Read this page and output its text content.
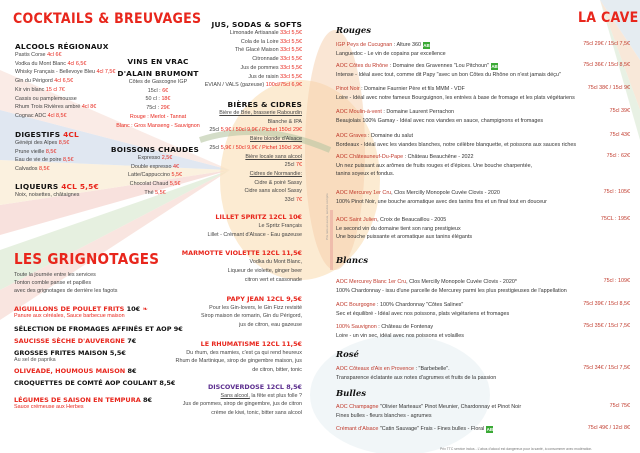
COCKTAILS & BREUVAGES
ALCOOLS RÉGIONAUX
Pastis Corse 4cl 6€
Vodka du Mont Blanc 4cl 6,5€
Whisky Français - Bellevoye Bleu 4cl 7,5€
Gin du Périgord 4cl 6,5€
Kir vin blanc 15 cl 7€
Cassis ou pamplemousse
Rhum Trois Rivières ambré 4cl 8€
Cognac ADC 4cl 8,5€
DIGESTIFS 4CL
Génépi des Alpes 8,5€
Prune vieille 8,5€
Eau de vie de poire 8,5€
Calvados 8,5€
LIQUEURS 4CL 5,5€
Noix, noisettes, châtaignes
VINS EN VRAC
D'ALAIN BRUMONT
Côtes de Gascogne IGP
15cl : 6€
50 cl : 18€
75cl : 29€
Rouge : Merlot - Tannat
Blanc : Gros Manseng - Sauvignon
BOISSONS CHAUDES
Expresso 2,5€
Double expresso 4€
Latte/Cappuccino 5,5€
Chocolat Chaud 5,5€
Thé 5,5€
JUS, SODAS & SOFTS
Limonade Artisanale 33cl 5,5€
Cola de la Loire 33cl 5,5€
Thé Glacé Maison 33cl 5,5€
Citronnade 33cl 5,5€
Jus de pommes 33cl 5,5€
Jus de raisin 33cl 5,5€
EVIAN / VALS (gazeuse) 100cl/75cl 6,9€
BIÈRES & CIDRES
Bière de Brie, brasserie Rabourdin
Blanche & IPA
25cl 5,9€ / 50cl 9,9€ / Pichet 150cl 29€
Bière blonde d'Alsace
25cl 5,9€ / 50cl 9,9€ / Pichet 150cl 29€
Bière locale sans alcool
25cl 7€
Cidres de Normandie:
Cidre & poiré Sassy
Cidre sans alcool Sassy
33cl 7€
LILLET SPRITZ 12CL 10€
Le Spritz Français
Lillet - Crémant d'Alsace - Eau gazeuse
MARMOTTE VIOLETTE 12CL 11,5€
Vodka du Mont Blanc,
Liqueur de violette, ginger beer
citron vert et cassonade
PAPY JEAN 12CL 9,5€
Pour les Gin-lovers, le Gin Fizz revisité
Sirop maison de romarin, Gin du Périgord,
jus de citron, eau gazeuse
LE RHUMATISME 12CL 11,5€
Du rhum, des mamies, c'est ça qui rend heureux
Rhum de Martinique, sirop de gingembre maison, jus
de citron, bitter, tonic
DISCOVERDOSE 12CL 8,5€
Sans alcool, la fête est plus folle ?
Jus de pommes, sirop de gingembre, jus de citron
crème de kiwi, tonic, bitter sans alcool
Prix nets en euros, service compris
LES GRIGNOTAGES
Toute la journée entre les services
Tonton comble panse et papilles
avec des grignotages de derrière les fagots
AIGUILLONS DE POULET FRITS 10€ ❧
Panure aux céréales, Sauce barbecue maison
SÉLECTION DE FROMAGES AFFINÉS ET AOP 9€
SAUCISSE SÈCHE D'AUVERGNE 7€
GROSSES FRITES MAISON 5,5€
Au sel de paprika
OLIVEADE, HOUMOUS MAISON 8€
CROQUETTES DE COMTÉ AOP COULANT 8,5€
LÉGUMES DE SAISON EN TEMPURA 8€
Sauce crémeuse aux Herbes
LA CAVE
Rouges
IGP Peys de Cucugnan : Alture 360 AB	75cl 29€ / 15cl 7,5€
Languedoc - Le vin de copains par excellence
AOC Côtes du Rhône : Domaine des Gravennes "Lou Pitchoun" AB	75cl 36€ / 15cl 8,5€
Intense - Idéal avec tout, comme dit Papy "avec un bon Côtes du Rhône on n'est jamais déçu"
Pinot Noir : Domaine Faurnier Père et fils MMM - VDF	75cl 38€ / 15cl 9€
Loire - Idéal avec notre fameux Bourguignon, les entrées à base de fromage et les plats végétariens
AOC Moulin-à-vent : Domaine Laurent Perrachon	75cl 39€
Beaujolais 100% Gamay - Idéal avec nos viandes en sauce, champignons et fromages
AOC Graves : Domaine du salut	75cl 43€
Bordeaux - Idéal avec les viandes blanches, notre célèbre blanquette, et poissons aux sauces riches
AOC Châteauneuf-Du-Pape : Château Beauchêne - 2022	75cl : 62€
Un nez puissant aux arômes de fruits rouges et d'épices. Une bouche charpentée,
tanins soyeux et fondus.
AOC Mercurey 1er Cru, Clos Mercilly Monopole Cuvée Clovis - 2020	75cl : 105€
100% Pinot Noir, une bouche aromatique avec des tanins fins et un final tout en douceur
AOC Saint Julien, Croix de Beaucaillou - 2005	75CL : 195€
Le second vin du domaine tient son rang prestigieux
Une bouche puissante et aromatique aux tanins élégants
Blancs
AOC Mercurey Blanc 1er Cru, Clos Mercilly Monopole Cuvée Clovis - 2020*	75cl : 109€
100% Chardonnay - issu d'une parcelle de Mercurey parmi les plus prestigieuses de l'appellation
AOC Bourgogne : 100% Chardonnay "Côtes Salines"	75cl 39€ / 15cl 8,5€
Sec et équilibré - Idéal avec nos poissons, plats végétariens et fromages
100% Sauvignon : Château de Fontenay	75cl 35€ / 15cl 7,5€
Loire - un vin sec, idéal avec nos poissons et volailles
Rosé
AOC Côteaux d'Aix en Provence : "Barbebelle".	75cl 34€ / 15cl 7,5€
Transparence éclatante aux notes d'agrumes et fruits de la passion
Bulles
AOC Champagne "Olivier Marteaux" Pinot Meunier, Chardonnay et Pinot Noir	75cl 75€
Fines bulles - fleurs blanches - agrumes
Crémant d'Alsace "Catin Sauvage" Frais - Fines bulles - Floral AB	75cl 49€ / 12cl 8€
Prix TTC service inclus - L'abus d'alcool est dangereux pour la santé, à consommer avec modération.
